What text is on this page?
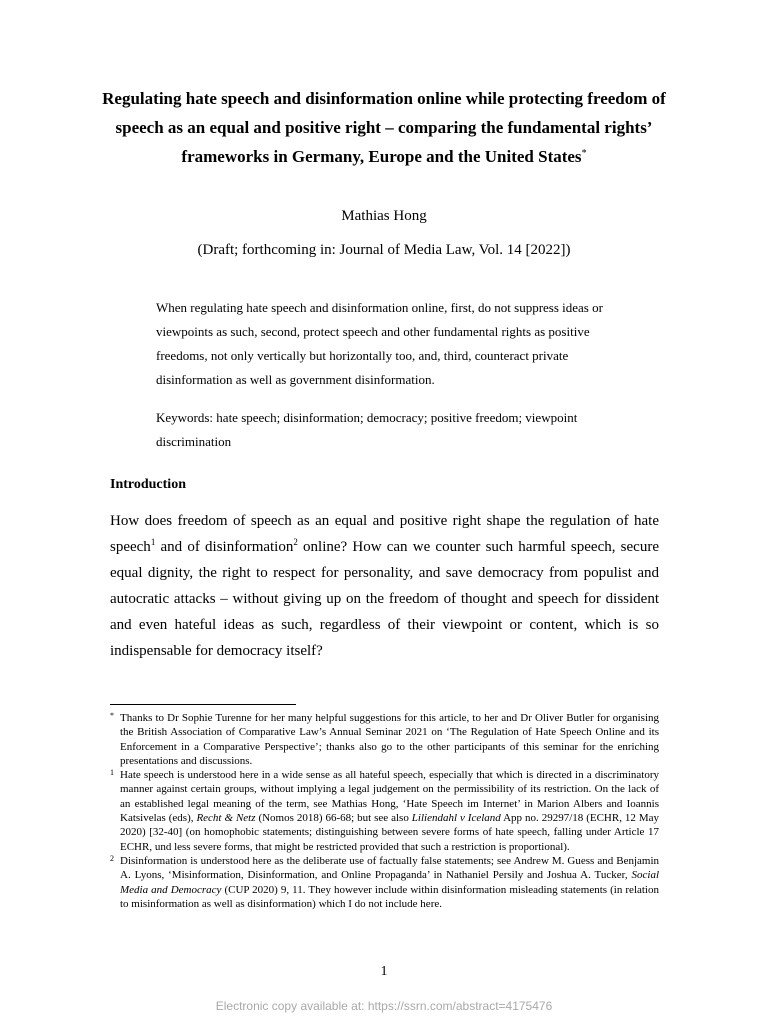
Regulating hate speech and disinformation online while protecting freedom of speech as an equal and positive right – comparing the fundamental rights’ frameworks in Germany, Europe and the United States*

Mathias Hong

(Draft; forthcoming in: Journal of Media Law, Vol. 14 [2022])

When regulating hate speech and disinformation online, first, do not suppress ideas or viewpoints as such, second, protect speech and other fundamental rights as positive freedoms, not only vertically but horizontally too, and, third, counteract private disinformation as well as government disinformation.

Keywords: hate speech; disinformation; democracy; positive freedom; viewpoint discrimination

Introduction

How does freedom of speech as an equal and positive right shape the regulation of hate speech$^1$ and of disinformation$^2$ online? How can we counter such harmful speech, secure equal dignity, the right to respect for personality, and save democracy from populist and autocratic attacks – without giving up on the freedom of thought and speech for dissident and even hateful ideas as such, regardless of their viewpoint or content, which is so indispensable for democracy itself?

* Thanks to Dr Sophie Turenne for her many helpful suggestions for this article, to her and Dr Oliver Butler for organising the British Association of Comparative Law’s Annual Seminar 2021 on ‘The Regulation of Hate Speech Online and its Enforcement in a Comparative Perspective’; thanks also go to the other participants of this seminar for the enriching presentations and discussions.

1 Hate speech is understood here in a wide sense as all hateful speech, especially that which is directed in a discriminatory manner against certain groups, without implying a legal judgement on the permissibility of its restriction. On the lack of an established legal meaning of the term, see Mathias Hong, ‘Hate Speech im Internet’ in Marion Albers and Ioannis Katsivelas (eds), Recht & Netz (Nomos 2018) 66-68; but see also Liliendahl v Iceland App no. 29297/18 (ECHR, 12 May 2020) [32-40] (on homophobic statements; distinguishing between severe forms of hate speech, falling under Article 17 ECHR, und less severe forms, that might be restricted provided that such a restriction is proportional).

2 Disinformation is understood here as the deliberate use of factually false statements; see Andrew M. Guess and Benjamin A. Lyons, ‘Misinformation, Disinformation, and Online Propaganda’ in Nathaniel Persily and Joshua A. Tucker, Social Media and Democracy (CUP 2020) 9, 11. They however include within disinformation misleading statements (in relation to misinformation as well as disinformation) which I do not include here.

1

Electronic copy available at: https://ssrn.com/abstract=4175476
